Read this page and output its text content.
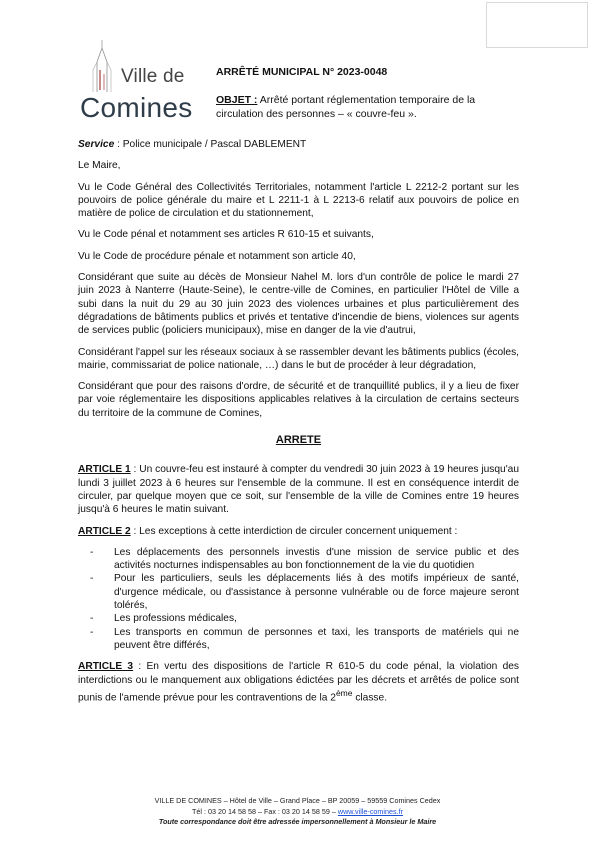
Ville de
Comines
ARRÊTÉ MUNICIPAL N° 2023-0048
OBJET : Arrêté portant réglementation temporaire de la circulation des personnes – « couvre-feu ».

Service : Police municipale / Pascal DABLEMENT

Le Maire,

Vu le Code Général des Collectivités Territoriales, notamment l'article L 2212-2 portant sur les pouvoirs de police générale du maire et L 2211-1 à L 2213-6 relatif aux pouvoirs de police en matière de police de circulation et du stationnement,

Vu le Code pénal et notamment ses articles R 610-15 et suivants,

Vu le Code de procédure pénale et notamment son article 40,

Considérant que suite au décès de Monsieur Nahel M. lors d'un contrôle de police le mardi 27 juin 2023 à Nanterre (Haute-Seine), le centre-ville de Comines, en particulier l'Hôtel de Ville a subi dans la nuit du 29 au 30 juin 2023 des violences urbaines et plus particulièrement des dégradations de bâtiments publics et privés et tentative d'incendie de biens, violences sur agents de services public (policiers municipaux), mise en danger de la vie d'autrui,

Considérant l'appel sur les réseaux sociaux à se rassembler devant les bâtiments publics (écoles, mairie, commissariat de police nationale, …) dans le but de procéder à leur dégradation,

Considérant que pour des raisons d'ordre, de sécurité et de tranquillité publics, il y a lieu de fixer par voie réglementaire les dispositions applicables relatives à la circulation de certains secteurs du territoire de la commune de Comines,

ARRETE

ARTICLE 1 : Un couvre-feu est instauré à compter du vendredi 30 juin 2023 à 19 heures jusqu'au lundi 3 juillet 2023 à 6 heures sur l'ensemble de la commune. Il est en conséquence interdit de circuler, par quelque moyen que ce soit, sur l'ensemble de la ville de Comines entre 19 heures jusqu'à 6 heures le matin suivant.

ARTICLE 2 : Les exceptions à cette interdiction de circuler concernent uniquement :

- Les déplacements des personnels investis d'une mission de service public et des activités nocturnes indispensables au bon fonctionnement de la vie du quotidien
- Pour les particuliers, seuls les déplacements liés à des motifs impérieux de santé, d'urgence médicale, ou d'assistance à personne vulnérable ou de force majeure seront tolérés,
- Les professions médicales,
- Les transports en commun de personnes et taxi, les transports de matériels qui ne peuvent être différés,

ARTICLE 3 : En vertu des dispositions de l'article R 610-5 du code pénal, la violation des interdictions ou le manquement aux obligations édictées par les décrets et arrêtés de police sont punis de l'amende prévue pour les contraventions de la 2ème classe.

VILLE DE COMINES – Hôtel de Ville – Grand Place – BP 20059 – 59559 Comines Cedex
Tél : 03 20 14 58 58 – Fax : 03 20 14 58 59 – www.ville-comines.fr
Toute correspondance doit être adressée impersonnellement à Monsieur le Maire
